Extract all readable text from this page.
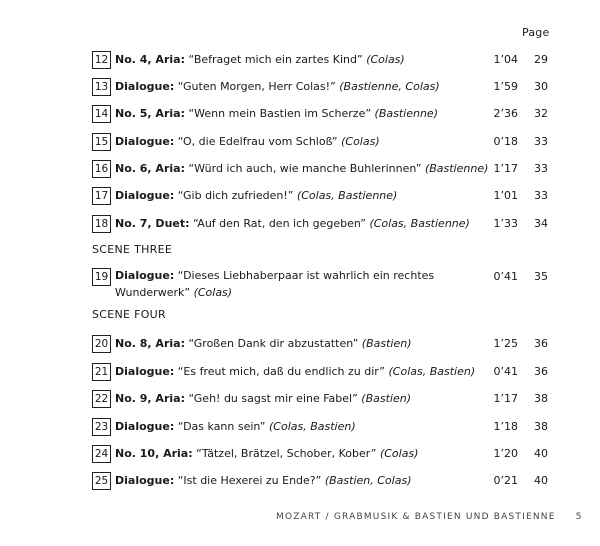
Page
12 No. 4, Aria: “Befraget mich ein zartes Kind” (Colas)	1’04	29
13 Dialogue: “Guten Morgen, Herr Colas!” (Bastienne, Colas)	1’59	30
14 No. 5, Aria: “Wenn mein Bastien im Scherze” (Bastienne)	2’36	32
15 Dialogue: “O, die Edelfrau vom Schloß” (Colas)	0’18	33
16 No. 6, Aria: “Würd ich auch, wie manche Buhlerinnen” (Bastienne) 1’17	33
17 Dialogue: “Gib dich zufrieden!” (Colas, Bastienne)	1’01	33
18 No. 7, Duet: “Auf den Rat, den ich gegeben” (Colas, Bastienne)	1’33	34
SCENE THREE
19 Dialogue: “Dieses Liebhaberpaar ist wahrlich ein rechtes Wunderwerk” (Colas)
0’41	35
SCENE FOUR
20 No. 8, Aria: “Großen Dank dir abzustatten” (Bastien)	1’25	36
21 Dialogue: “Es freut mich, daß du endlich zu dir” (Colas, Bastien)	0’41	36
22 No. 9, Aria: “Geh! du sagst mir eine Fabel” (Bastien)	1’17	38
23 Dialogue: “Das kann sein” (Colas, Bastien)	1’18	38
24 No. 10, Aria: “Tätzel, Brätzel, Schober, Kober” (Colas)	1’20	40
25 Dialogue: “Ist die Hexerei zu Ende?” (Bastien, Colas)	0’21	40
MOZART / GRABMUSIK & BASTIEN UND BASTIENNE 5
